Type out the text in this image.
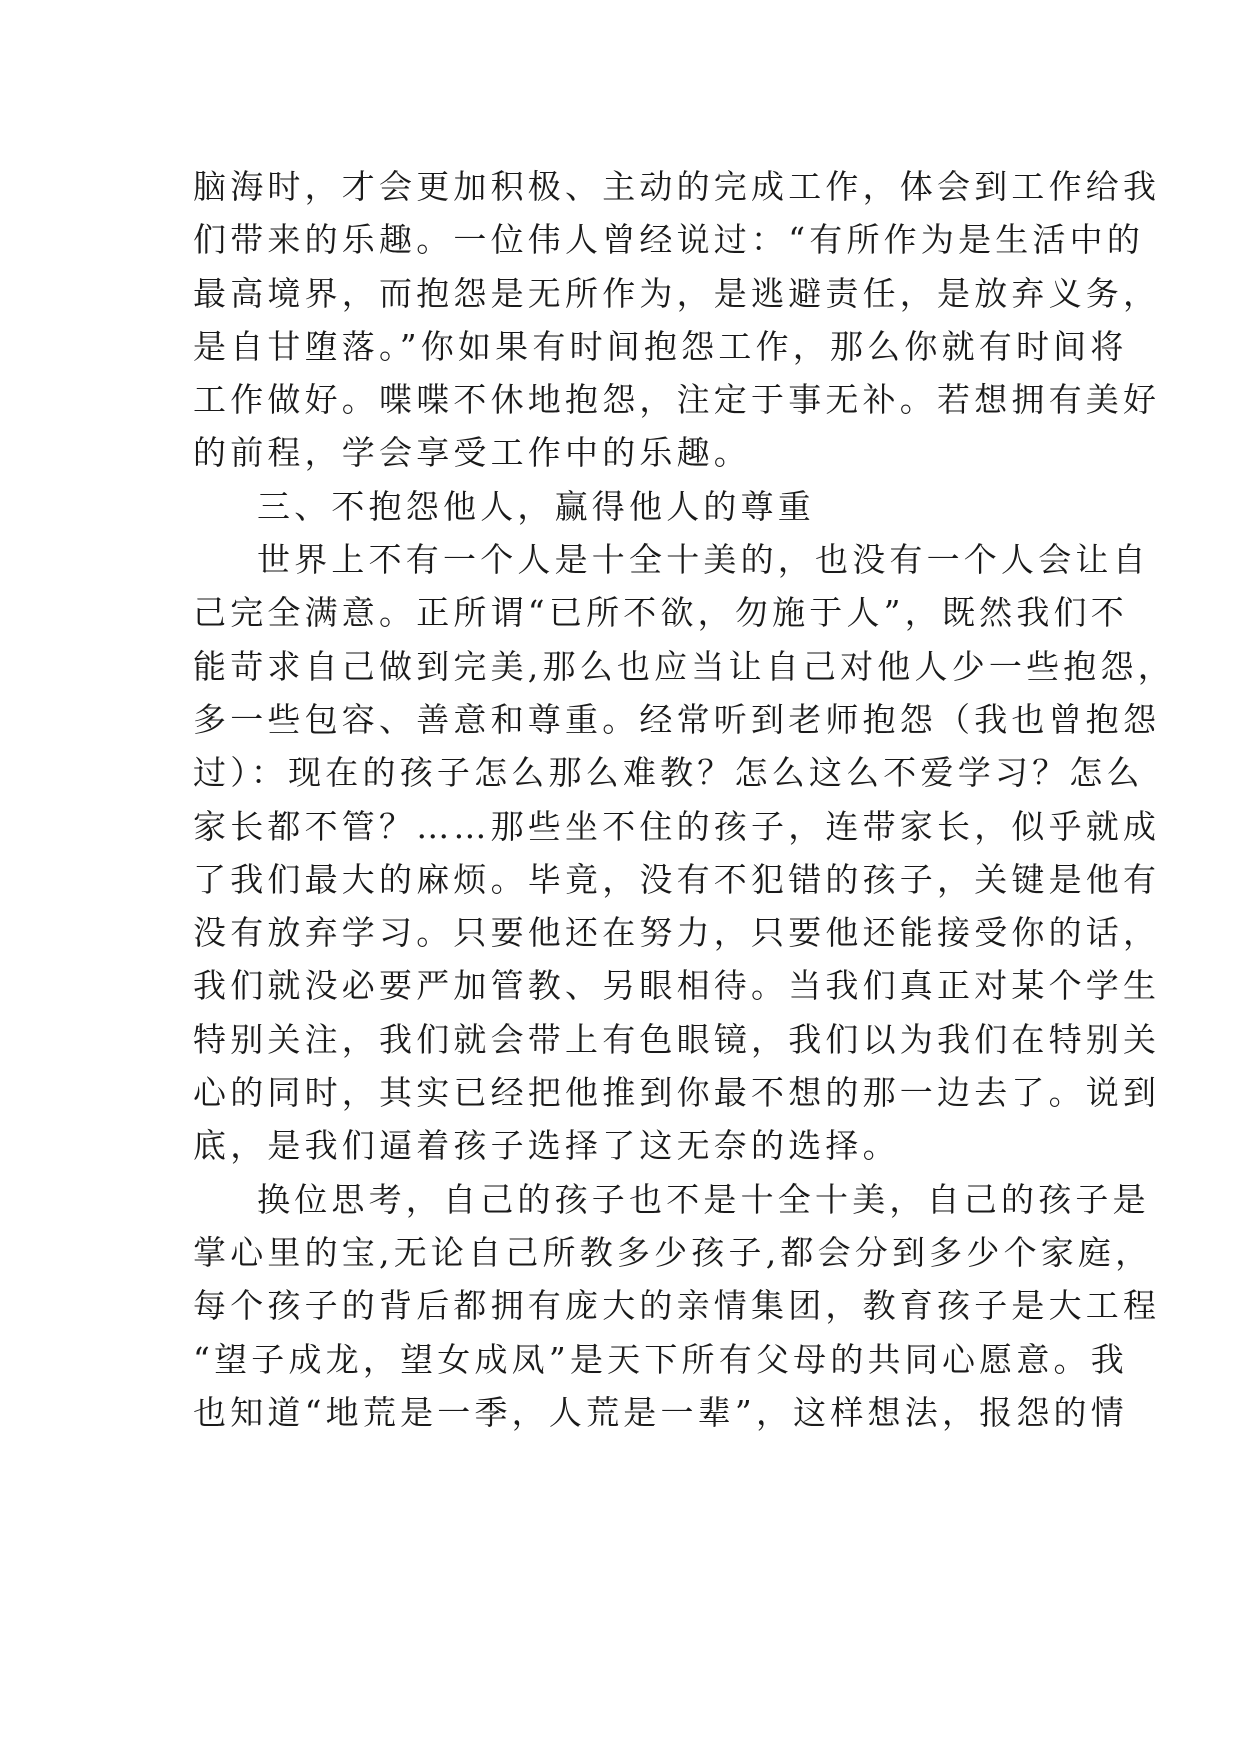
脑海时，才会更加积极、主动的完成工作，体会到工作给我
们带来的乐趣。一位伟人曾经说过：“有所作为是生活中的
最高境界，而抱怨是无所作为，是逃避责任，是放弃义务，
是自甘堕落。”你如果有时间抱怨工作，那么你就有时间将
工作做好。喋喋不休地抱怨，注定于事无补。若想拥有美好
的前程，学会享受工作中的乐趣。
三、不抱怨他人，赢得他人的尊重
世界上不有一个人是十全十美的，也没有一个人会让自
己完全满意。正所谓“已所不欲，勿施于人”，既然我们不
能苛求自己做到完美,那么也应当让自己对他人少一些抱怨，
多一些包容、善意和尊重。经常听到老师抱怨（我也曾抱怨
过）：现在的孩子怎么那么难教？怎么这么不爱学习？怎么
家长都不管？……那些坐不住的孩子，连带家长，似乎就成
了我们最大的麻烦。毕竟，没有不犯错的孩子，关键是他有
没有放弃学习。只要他还在努力，只要他还能接受你的话，
我们就没必要严加管教、另眼相待。当我们真正对某个学生
特别关注，我们就会带上有色眼镜，我们以为我们在特别关
心的同时，其实已经把他推到你最不想的那一边去了。说到
底，是我们逼着孩子选择了这无奈的选择。
换位思考，自己的孩子也不是十全十美，自己的孩子是
掌心里的宝,无论自己所教多少孩子,都会分到多少个家庭，
每个孩子的背后都拥有庞大的亲情集团，教育孩子是大工程
“望子成龙，望女成凤”是天下所有父母的共同心愿意。我
也知道“地荒是一季，人荒是一辈”，这样想法，报怨的情
